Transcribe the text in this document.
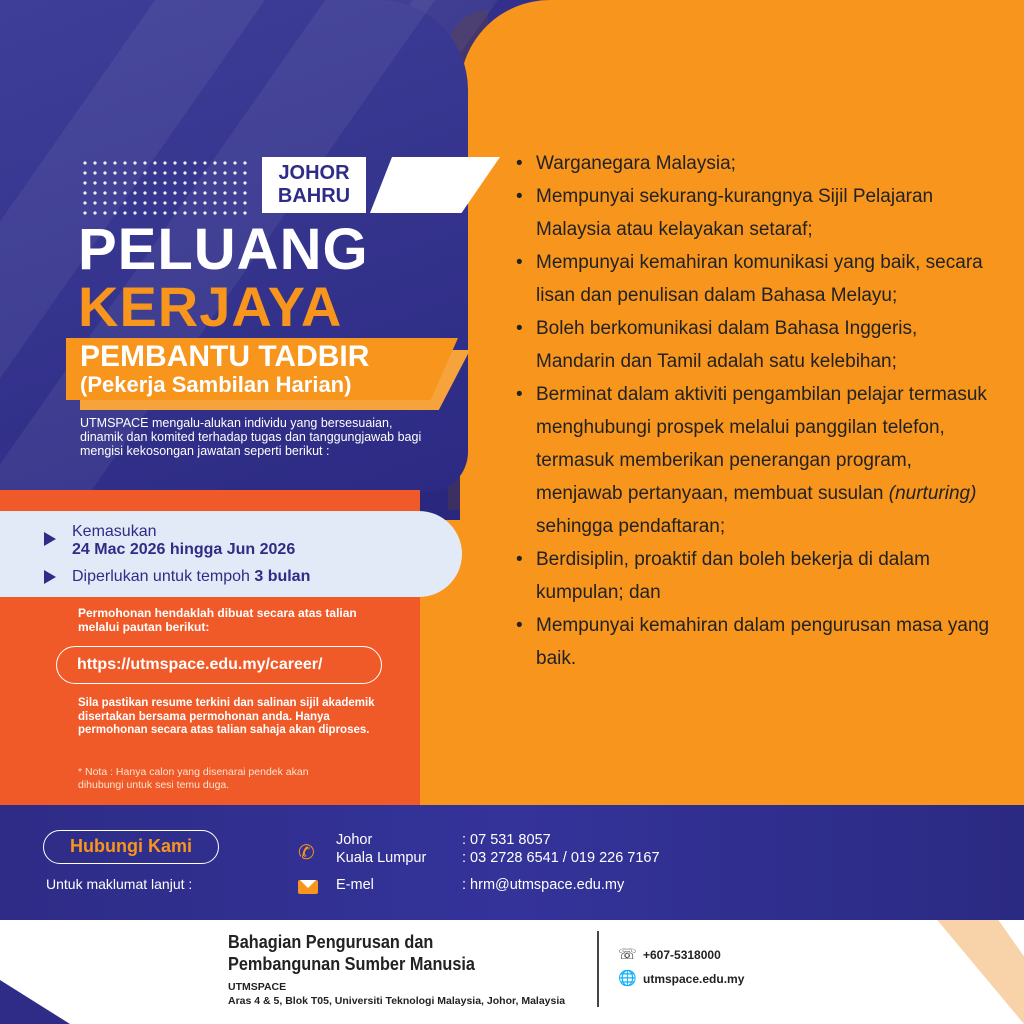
JOHOR
BAHRU
PELUANG
KERJAYA
PEMBANTU TADBIR
(Pekerja Sambilan Harian)
UTMSPACE mengalu-alukan individu yang bersesuaian, dinamik dan komited terhadap tugas dan tanggungjawab bagi mengisi kekosongan jawatan seperti berikut :
Kemasukan
24 Mac 2026 hingga Jun 2026
Diperlukan untuk tempoh 3 bulan
Permohonan hendaklah dibuat secara atas talian melalui pautan berikut:
https://utmspace.edu.my/career/
Sila pastikan resume terkini dan salinan sijil akademik disertakan bersama permohonan anda. Hanya permohonan secara atas talian sahaja akan diproses.
* Nota : Hanya calon yang disenarai pendek akan dihubungi untuk sesi temu duga.
• Warganegara Malaysia;
• Mempunyai sekurang-kurangnya Sijil Pelajaran Malaysia atau kelayakan setaraf;
• Mempunyai kemahiran komunikasi yang baik, secara lisan dan penulisan dalam Bahasa Melayu;
• Boleh berkomunikasi dalam Bahasa Inggeris, Mandarin dan Tamil adalah satu kelebihan;
• Berminat dalam aktiviti pengambilan pelajar termasuk menghubungi prospek melalui panggilan telefon, termasuk memberikan penerangan program, menjawab pertanyaan, membuat susulan (nurturing) sehingga pendaftaran;
• Berdisiplin, proaktif dan boleh bekerja di dalam kumpulan; dan
• Mempunyai kemahiran dalam pengurusan masa yang baik.
Hubungi Kami
Untuk maklumat lanjut :
✆
Johor	: 07 531 8057
Kuala Lumpur : 03 2728 6541 / 019 226 7167
E-mel	: hrm@utmspace.edu.my
Bahagian Pengurusan dan
Pembangunan Sumber Manusia
UTMSPACE
Aras 4 & 5, Blok T05, Universiti Teknologi Malaysia, Johor, Malaysia
☏ +607-5318000
🌐 utmspace.edu.my
